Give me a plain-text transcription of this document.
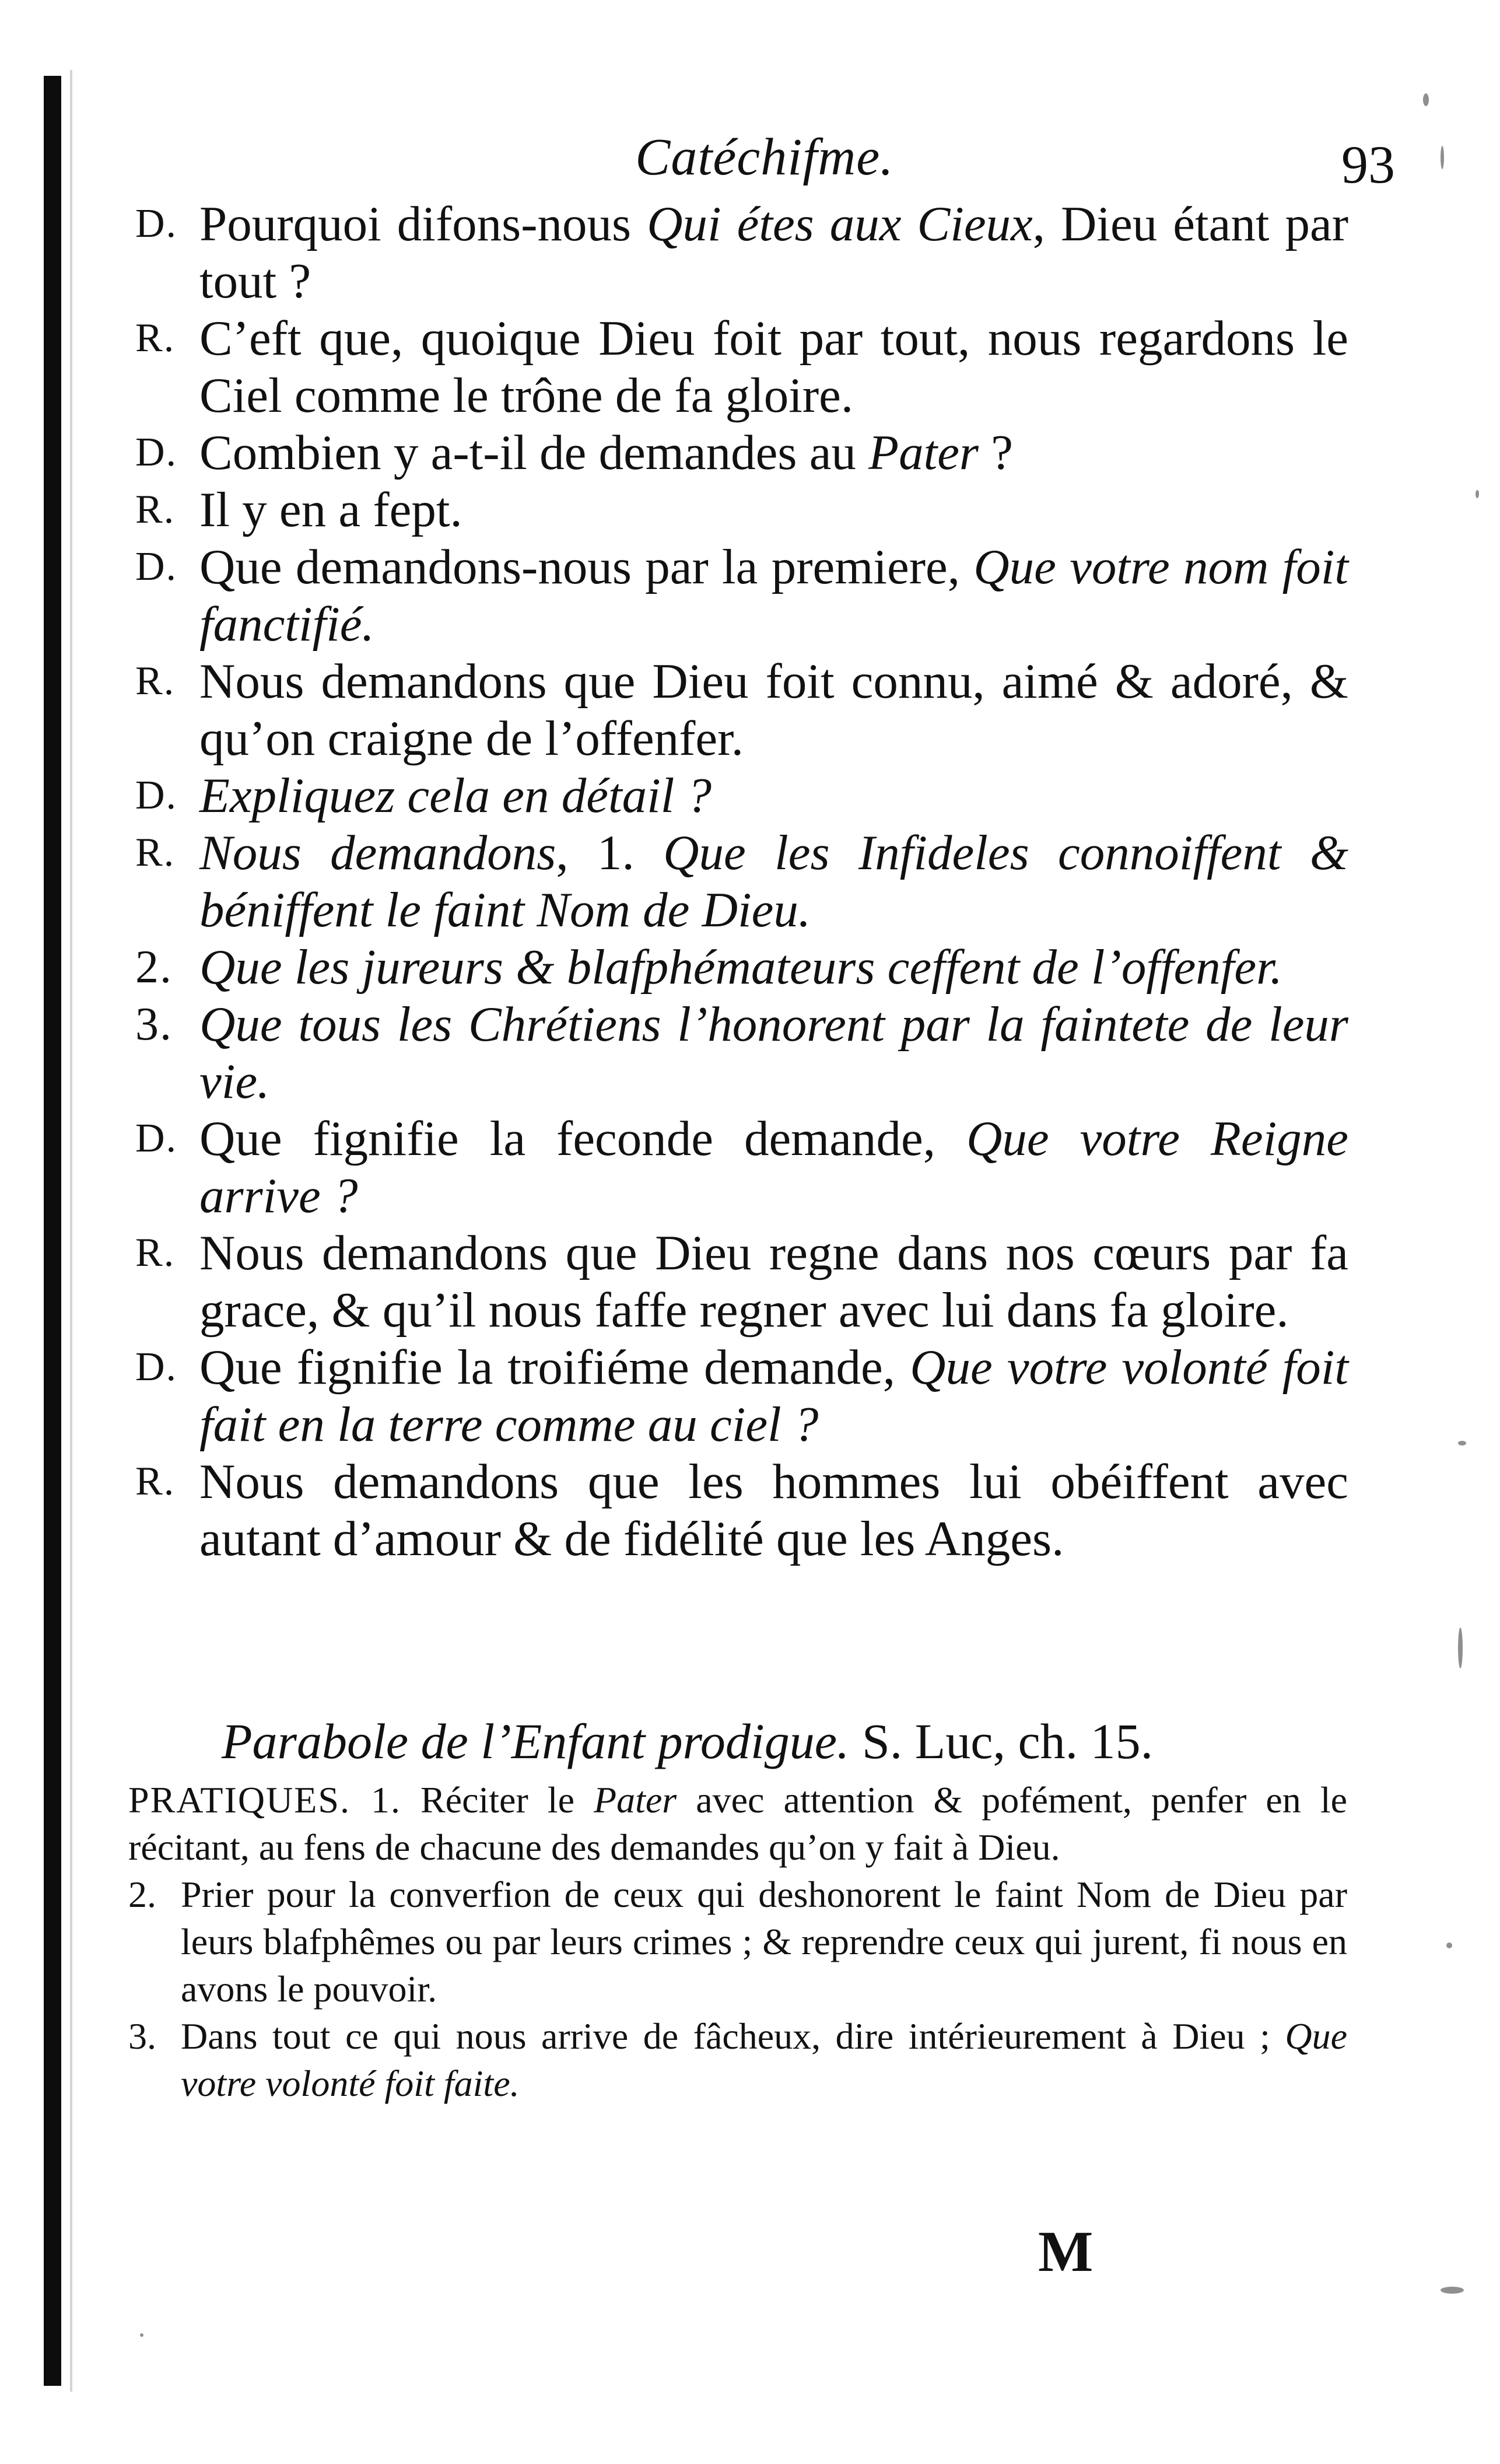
Catéchifme.	93

D. Pourquoi difons-nous Qui étes aux Cieux, Dieu étant par tout ?

R. C’eft que, quoique Dieu foit par tout, nous regardons le Ciel comme le trône de fa gloire.

D. Combien y a-t-il de demandes au Pater ?

R. Il y en a fept.

D. Que demandons-nous par la premiere, Que votre nom foit fanctifié.

R. Nous demandons que Dieu foit connu, aimé & adoré, & qu’on craigne de l’offenfer.

D. Expliquez cela en détail ?

R. Nous demandons, 1. Que les Infideles connoiffent & béniffent le faint Nom de Dieu.

2. Que les jureurs & blafphémateurs ceffent de l’offenfer.

3. Que tous les Chrétiens l’honorent par la faintete de leur vie.

D. Que fignifie la feconde demande, Que votre Reigne arrive ?

R. Nous demandons que Dieu regne dans nos cœurs par fa grace, & qu’il nous faffe regner avec lui dans fa gloire.

D. Que fignifie la troifiéme demande, Que votre volonté foit fait en la terre comme au ciel ?

R. Nous demandons que les hommes lui obéiffent avec autant d’amour & de fidélité que les Anges.

Parabole de l’Enfant prodigue. S. Luc, ch. 15.

PRATIQUES. 1. Réciter le Pater avec attention & pofément, penfer en le récitant, au fens de chacune des demandes qu’on y fait à Dieu.

2. Prier pour la converfion de ceux qui deshonorent le faint Nom de Dieu par leurs blafphêmes ou par leurs crimes ; & reprendre ceux qui jurent, fi nous en avons le pouvoir.

3. Dans tout ce qui nous arrive de fâcheux, dire intérieurement à Dieu ; Que votre volonté foit faite.

M
